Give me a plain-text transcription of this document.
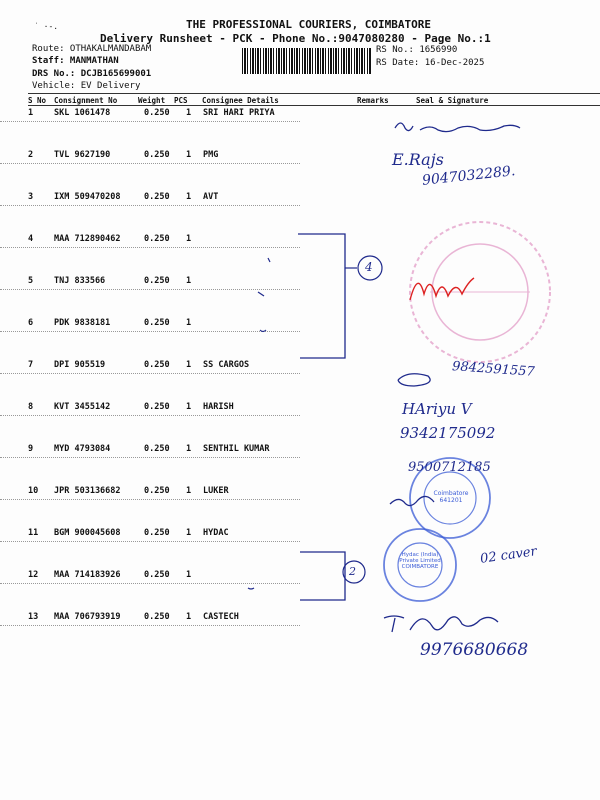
THE PROFESSIONAL COURIERS, COIMBATORE
Delivery Runsheet - PCK - Phone No.:9047080280 - Page No.:1
Route: OTHAKALMANDABAM
Staff: MANMATHAN
DRS No.: DCJB165699001
Vehicle: EV Delivery
RS No.: 1656990
RS Date: 16-Dec-2025
˙ ·-.
S No Consignment No	Weight PCS Consignee Details	Remarks	Seal & Signature
1 SKL 1061478	0.250 1 SRI HARI PRIYA
2 TVL 9627190	0.250 1 PMG
3 IXM 509470208	0.250 1 AVT
4 MAA 712890462	0.250 1
5 TNJ 833566	0.250 1
6 PDK 9838181	0.250 1
7 DPI 905519	0.250 1 SS CARGOS
8 KVT 3455142	0.250 1 HARISH
9 MYD 4793084	0.250 1 SENTHIL KUMAR
10 JPR 503136682	0.250 1 LUKER
11 BGM 900045608	0.250 1 HYDAC
12 MAA 714183926	0.250 1
13 MAA 706793919	0.250 1 CASTECH
E.Rajs
9047032289.
4
9842591557
HAriyu V
9342175092
9500712185
02 caver
2
9976680668
Coimbatore 641201
Hydac (India) Private Limited COIMBATORE
